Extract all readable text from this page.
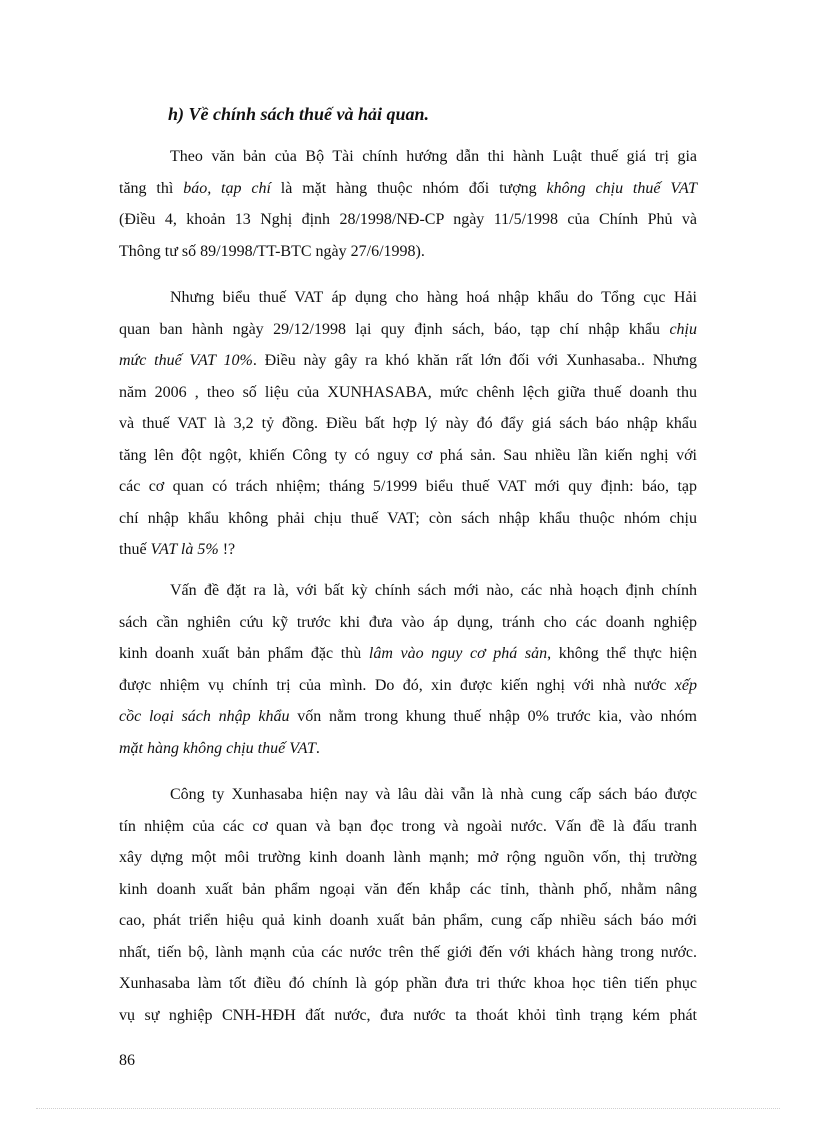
h) Về chính sách thuế và hải quan.
Theo văn bản của Bộ Tài chính hướng dẫn thi hành Luật thuế giá trị gia
tăng thì báo, tạp chí là mặt hàng thuộc nhóm đối tượng không chịu thuế VAT
(Điều 4, khoản 13 Nghị định 28/1998/NĐ-CP ngày 11/5/1998 của Chính Phủ và
Thông tư số 89/1998/TT-BTC ngày 27/6/1998).
Nhưng biểu thuế VAT áp dụng cho hàng hoá nhập khẩu do Tổng cục Hải
quan ban hành ngày 29/12/1998 lại quy định sách, báo, tạp chí nhập khẩu chịu
mức thuế VAT 10%. Điều này gây ra khó khăn rất lớn đối với Xunhasaba.. Nhưng
năm 2006 , theo số liệu của XUNHASABA, mức chênh lệch giữa thuế doanh thu
và thuế VAT là 3,2 tỷ đồng. Điều bất hợp lý này đó đẩy giá sách báo nhập khẩu
tăng lên đột ngột, khiến Công ty có nguy cơ phá sản. Sau nhiều lần kiến nghị với
các cơ quan có trách nhiệm; tháng 5/1999 biểu thuế VAT mới quy định: báo, tạp
chí nhập khẩu không phải chịu thuế VAT; còn sách nhập khẩu thuộc nhóm chịu
thuế VAT là 5% !?
Vấn đề đặt ra là, với bất kỳ chính sách mới nào, các nhà hoạch định chính
sách cần nghiên cứu kỹ trước khi đưa vào áp dụng, tránh cho các doanh nghiệp
kinh doanh xuất bản phẩm đặc thù lâm vào nguy cơ phá sản, không thể thực hiện
được nhiệm vụ chính trị của mình. Do đó, xin được kiến nghị với nhà nước xếp
cồc loại sách nhập khẩu vốn nằm trong khung thuế nhập 0% trước kia, vào nhóm
mặt hàng không chịu thuế VAT.
Công ty Xunhasaba hiện nay và lâu dài vẫn là nhà cung cấp sách báo được
tín nhiệm của các cơ quan và bạn đọc trong và ngoài nước. Vấn đề là đấu tranh
xây dựng một môi trường kinh doanh lành mạnh; mở rộng nguồn vốn, thị trường
kinh doanh xuất bản phẩm ngoại văn đến khắp các tỉnh, thành phố, nhằm nâng
cao, phát triển hiệu quả kinh doanh xuất bản phẩm, cung cấp nhiều sách báo mới
nhất, tiến bộ, lành mạnh của các nước trên thế giới đến với khách hàng trong nước.
Xunhasaba làm tốt điều đó chính là góp phần đưa tri thức khoa học tiên tiến phục
vụ sự nghiệp CNH-HĐH đất nước, đưa nước ta thoát khỏi tình trạng kém phát
86
